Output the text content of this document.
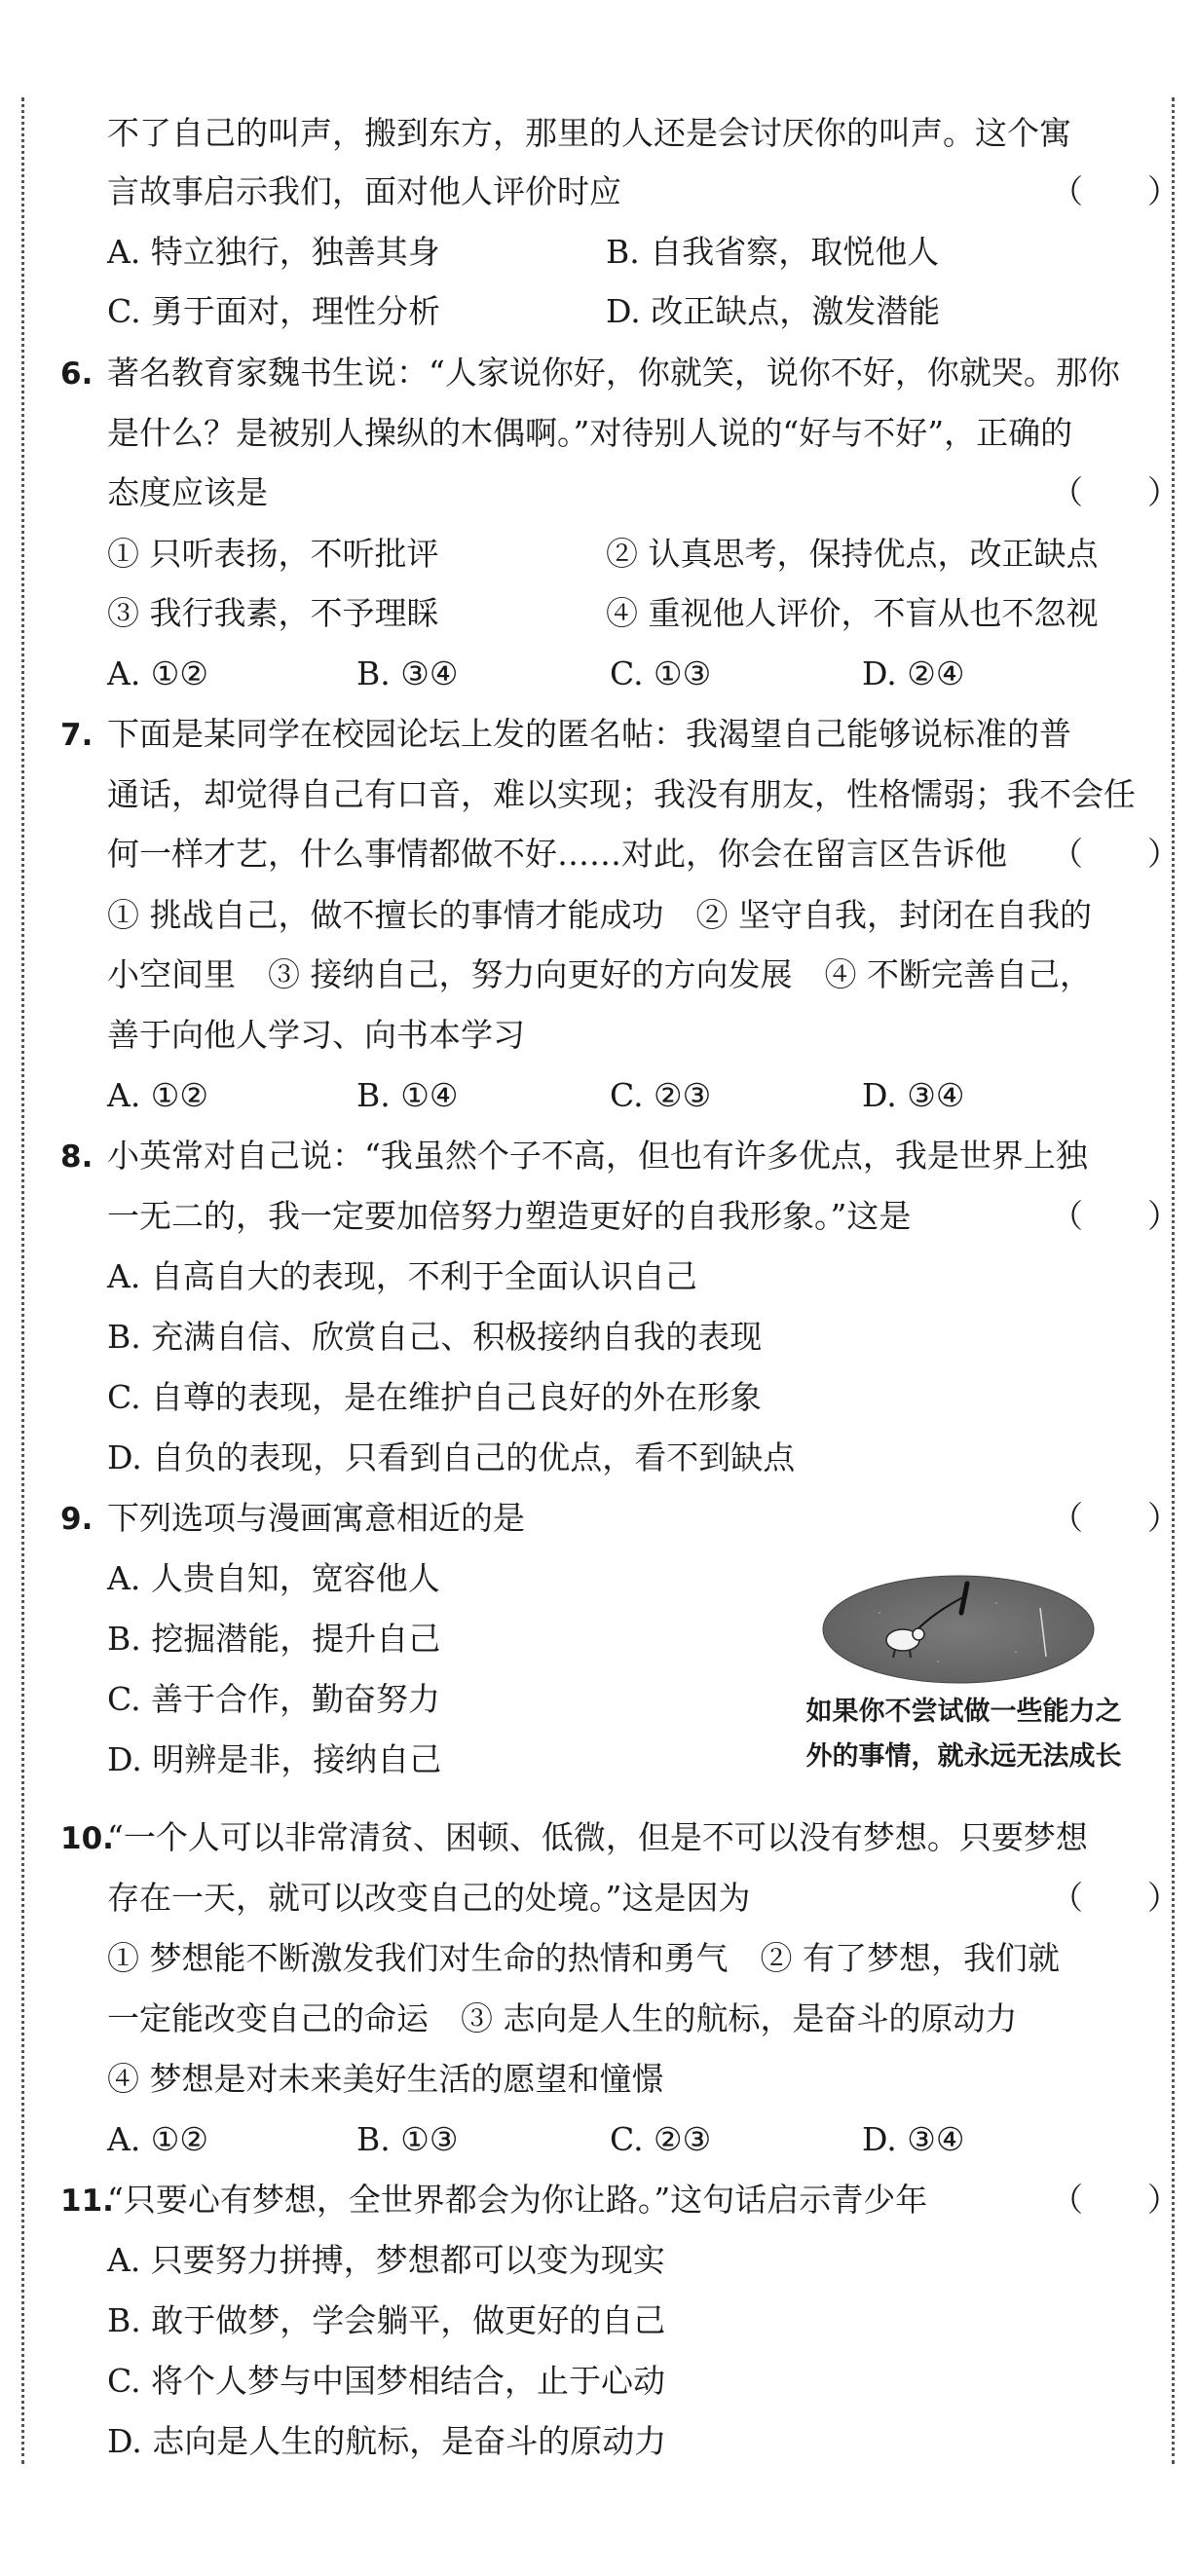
不了自己的叫声，搬到东方，那里的人还是会讨厌你的叫声。这个寓
言故事启示我们，面对他人评价时应	（　　）
A. 特立独行，独善其身	B. 自我省察，取悦他人
C. 勇于面对，理性分析	D. 改正缺点，激发潜能
6. 著名教育家魏书生说：“人家说你好，你就笑，说你不好，你就哭。那你
是什么？是被别人操纵的木偶啊。”对待别人说的“好与不好”，正确的
态度应该是	（　　）
① 只听表扬，不听批评	② 认真思考，保持优点，改正缺点
③ 我行我素，不予理睬	④ 重视他人评价，不盲从也不忽视
A. ①②	B. ③④	C. ①③	D. ②④
7. 下面是某同学在校园论坛上发的匿名帖：我渴望自己能够说标准的普
通话，却觉得自己有口音，难以实现；我没有朋友，性格懦弱；我不会任
何一样才艺，什么事情都做不好……对此，你会在留言区告诉他 （　　）
① 挑战自己，做不擅长的事情才能成功　② 坚守自我，封闭在自我的
小空间里　③ 接纳自己，努力向更好的方向发展　④ 不断完善自己，
善于向他人学习、向书本学习
A. ①②	B. ①④	C. ②③	D. ③④
8. 小英常对自己说：“我虽然个子不高，但也有许多优点，我是世界上独
一无二的，我一定要加倍努力塑造更好的自我形象。”这是	（　　）
A. 自高自大的表现，不利于全面认识自己
B. 充满自信、欣赏自己、积极接纳自我的表现
C. 自尊的表现，是在维护自己良好的外在形象
D. 自负的表现，只看到自己的优点，看不到缺点
9. 下列选项与漫画寓意相近的是	（　　）
A. 人贵自知，宽容他人
B. 挖掘潜能，提升自己
C. 善于合作，勤奋努力
D. 明辨是非，接纳自己
如果你不尝试做一些能力之
外的事情，就永远无法成长
10.“一个人可以非常清贫、困顿、低微，但是不可以没有梦想。只要梦想
存在一天，就可以改变自己的处境。”这是因为	（　　）
① 梦想能不断激发我们对生命的热情和勇气　② 有了梦想，我们就
一定能改变自己的命运　③ 志向是人生的航标，是奋斗的原动力
④ 梦想是对未来美好生活的愿望和憧憬
A. ①②	B. ①③	C. ②③	D. ③④
11.“只要心有梦想，全世界都会为你让路。”这句话启示青少年	（　　）
A. 只要努力拼搏，梦想都可以变为现实
B. 敢于做梦，学会躺平，做更好的自己
C. 将个人梦与中国梦相结合，止于心动
D. 志向是人生的航标，是奋斗的原动力
